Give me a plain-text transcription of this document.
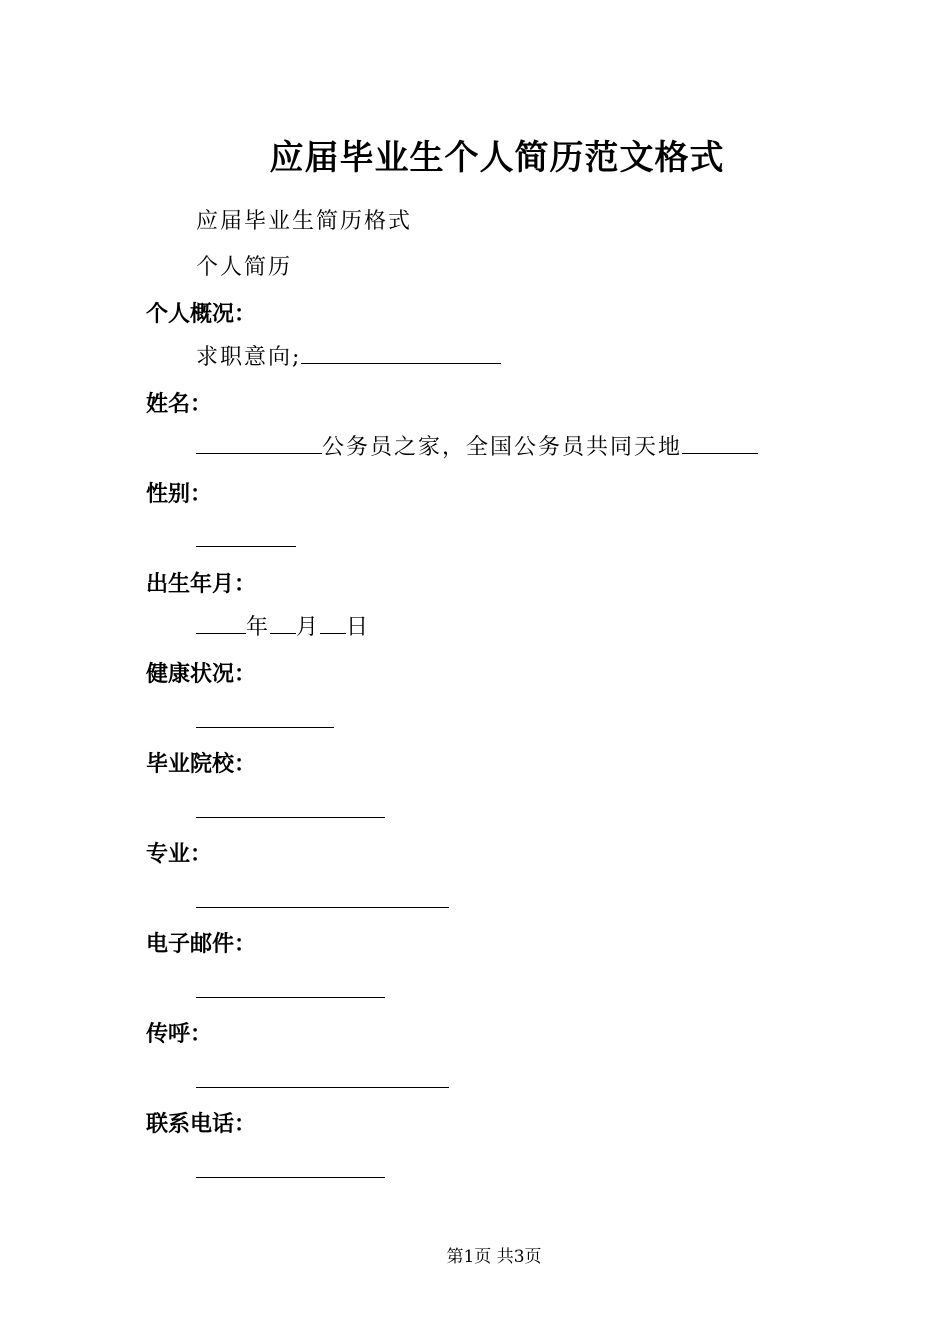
应届毕业生个人简历范文格式
应届毕业生简历格式
个人简历
个人概况：
求职意向;
姓名：
公务员之家，全国公务员共同天地
性别：
出生年月：
年 月 日
健康状况：
毕业院校：
专业：
电子邮件：
传呼：
联系电话：
第1页 共3页
